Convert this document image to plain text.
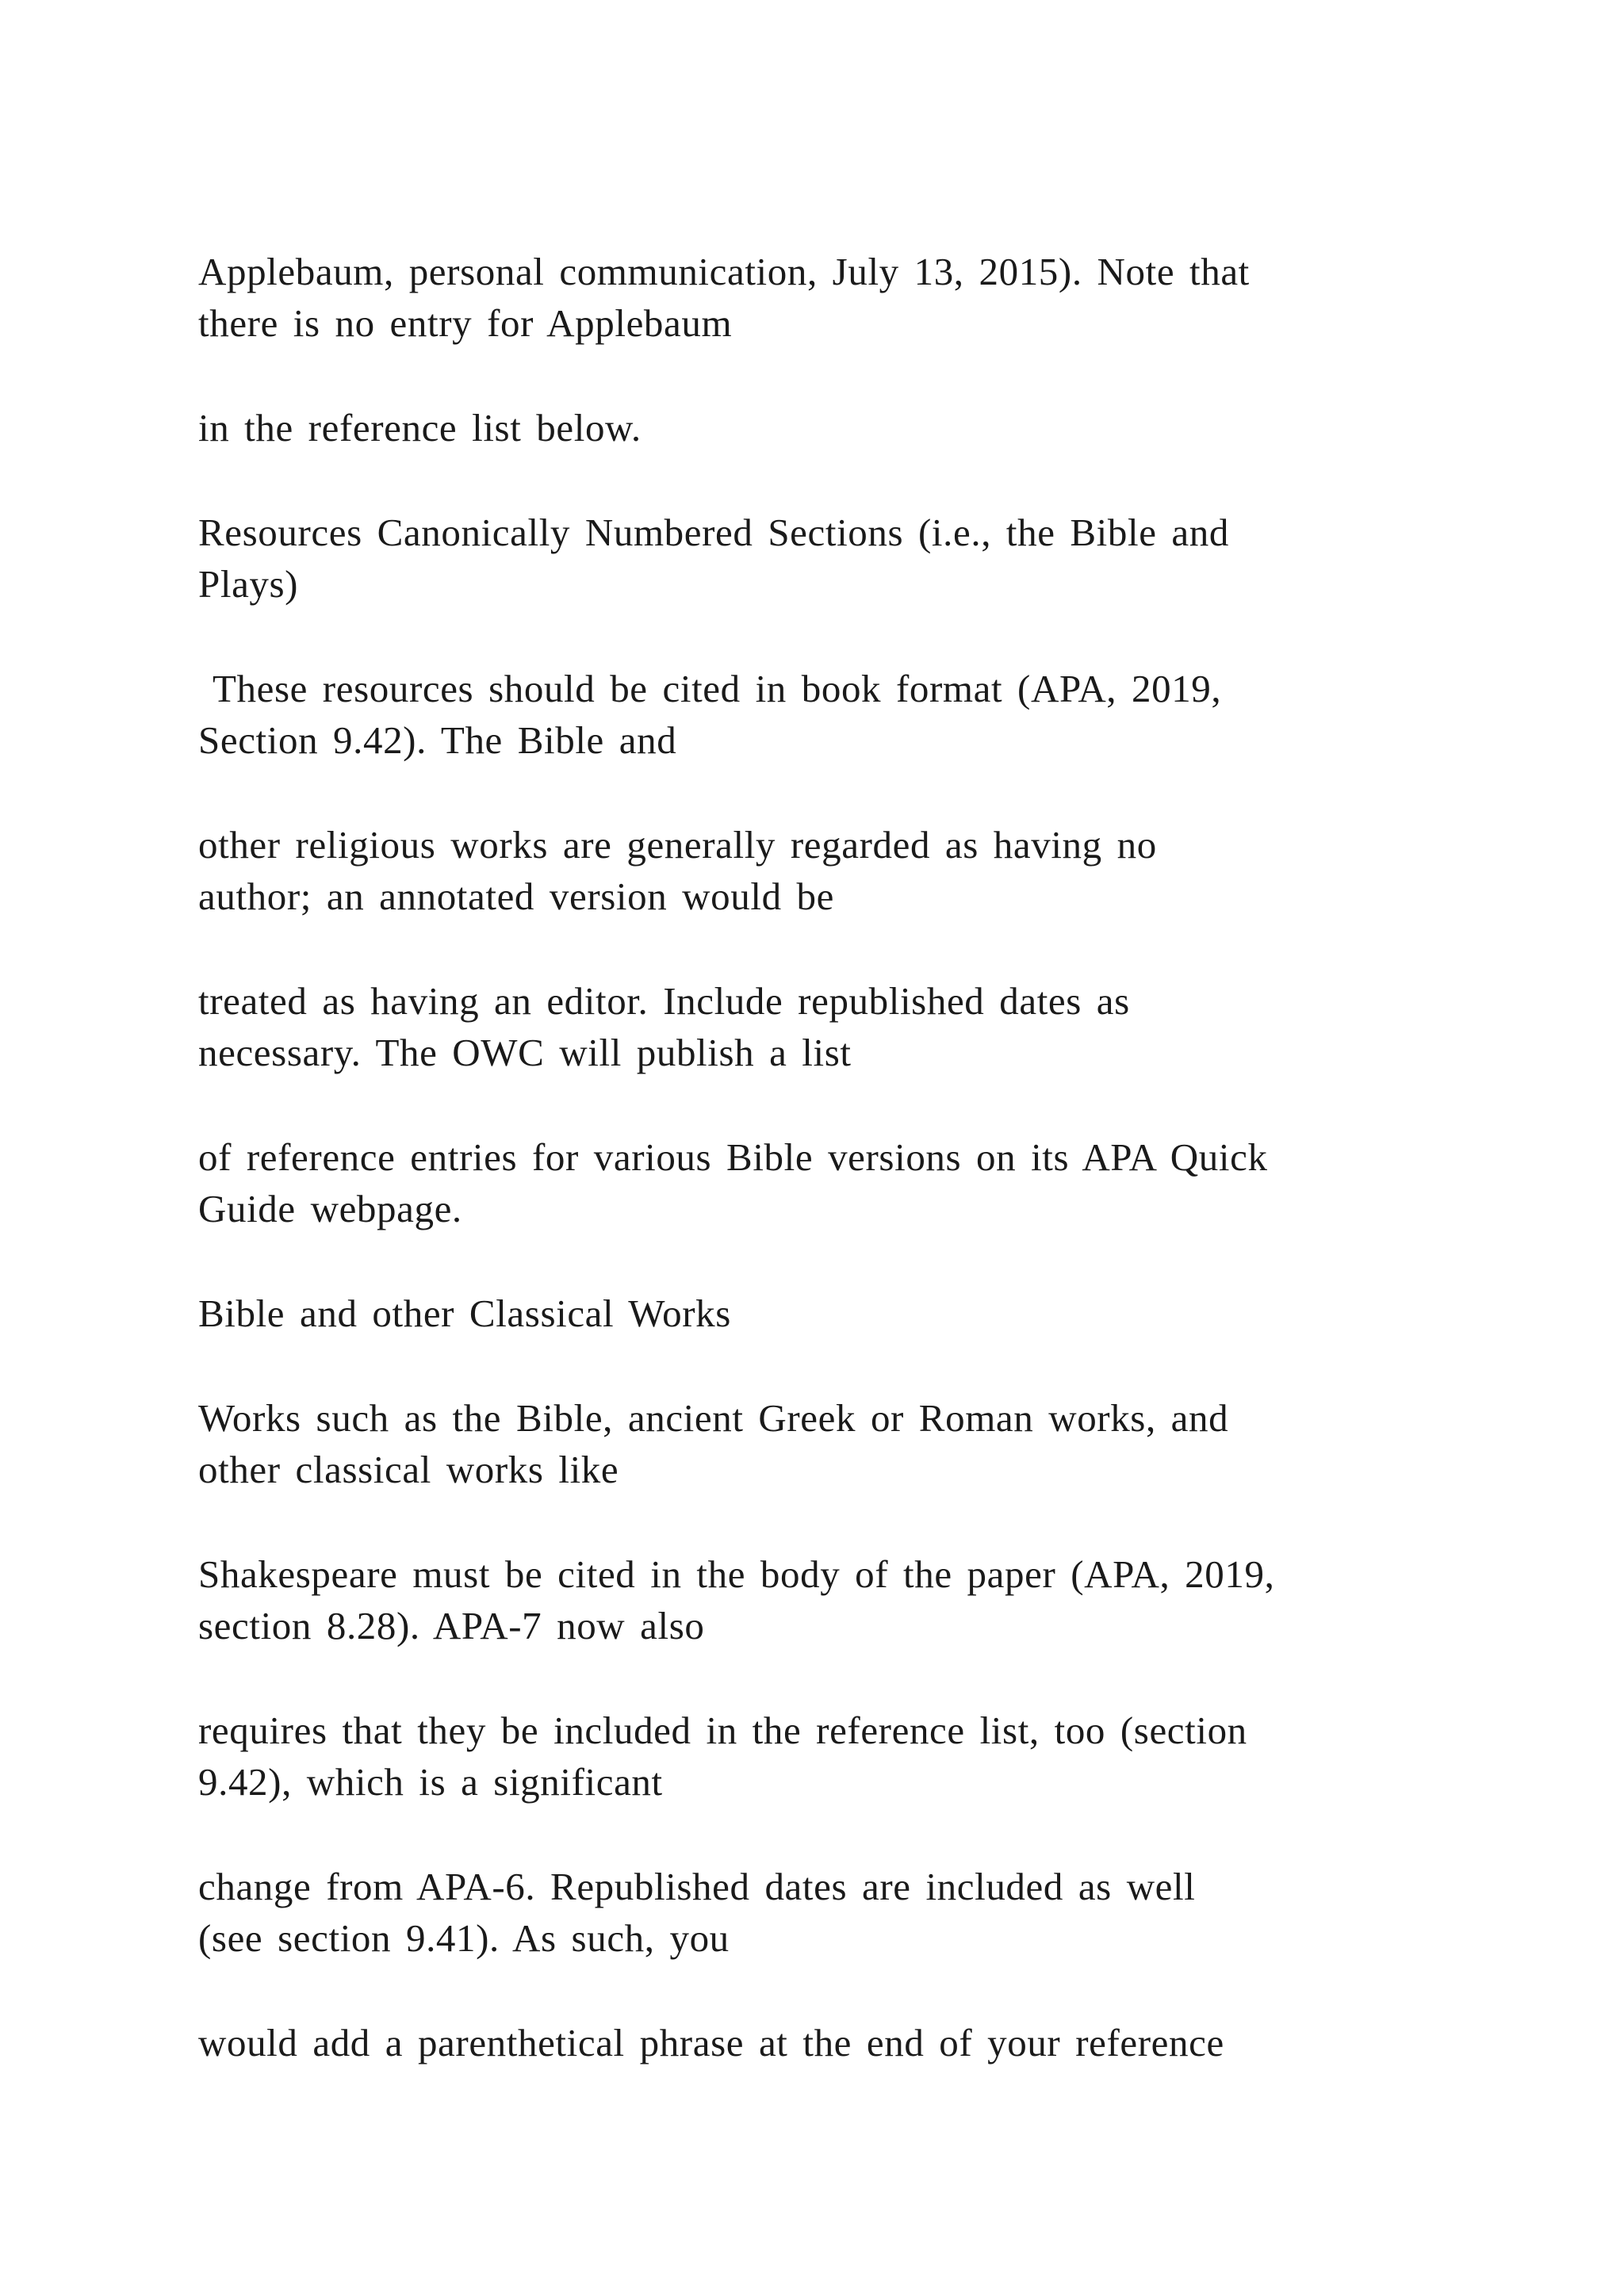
Applebaum, personal communication, July 13, 2015). Note that
there is no entry for Applebaum

in the reference list below.

Resources Canonically Numbered Sections (i.e., the Bible and
Plays)

These resources should be cited in book format (APA, 2019,
Section 9.42). The Bible and

other religious works are generally regarded as having no
author; an annotated version would be

treated as having an editor. Include republished dates as
necessary. The OWC will publish a list

of reference entries for various Bible versions on its APA Quick
Guide webpage.

Bible and other Classical Works

Works such as the Bible, ancient Greek or Roman works, and
other classical works like

Shakespeare must be cited in the body of the paper (APA, 2019,
section 8.28). APA-7 now also

requires that they be included in the reference list, too (section
9.42), which is a significant

change from APA-6. Republished dates are included as well
(see section 9.41). As such, you

would add a parenthetical phrase at the end of your reference
